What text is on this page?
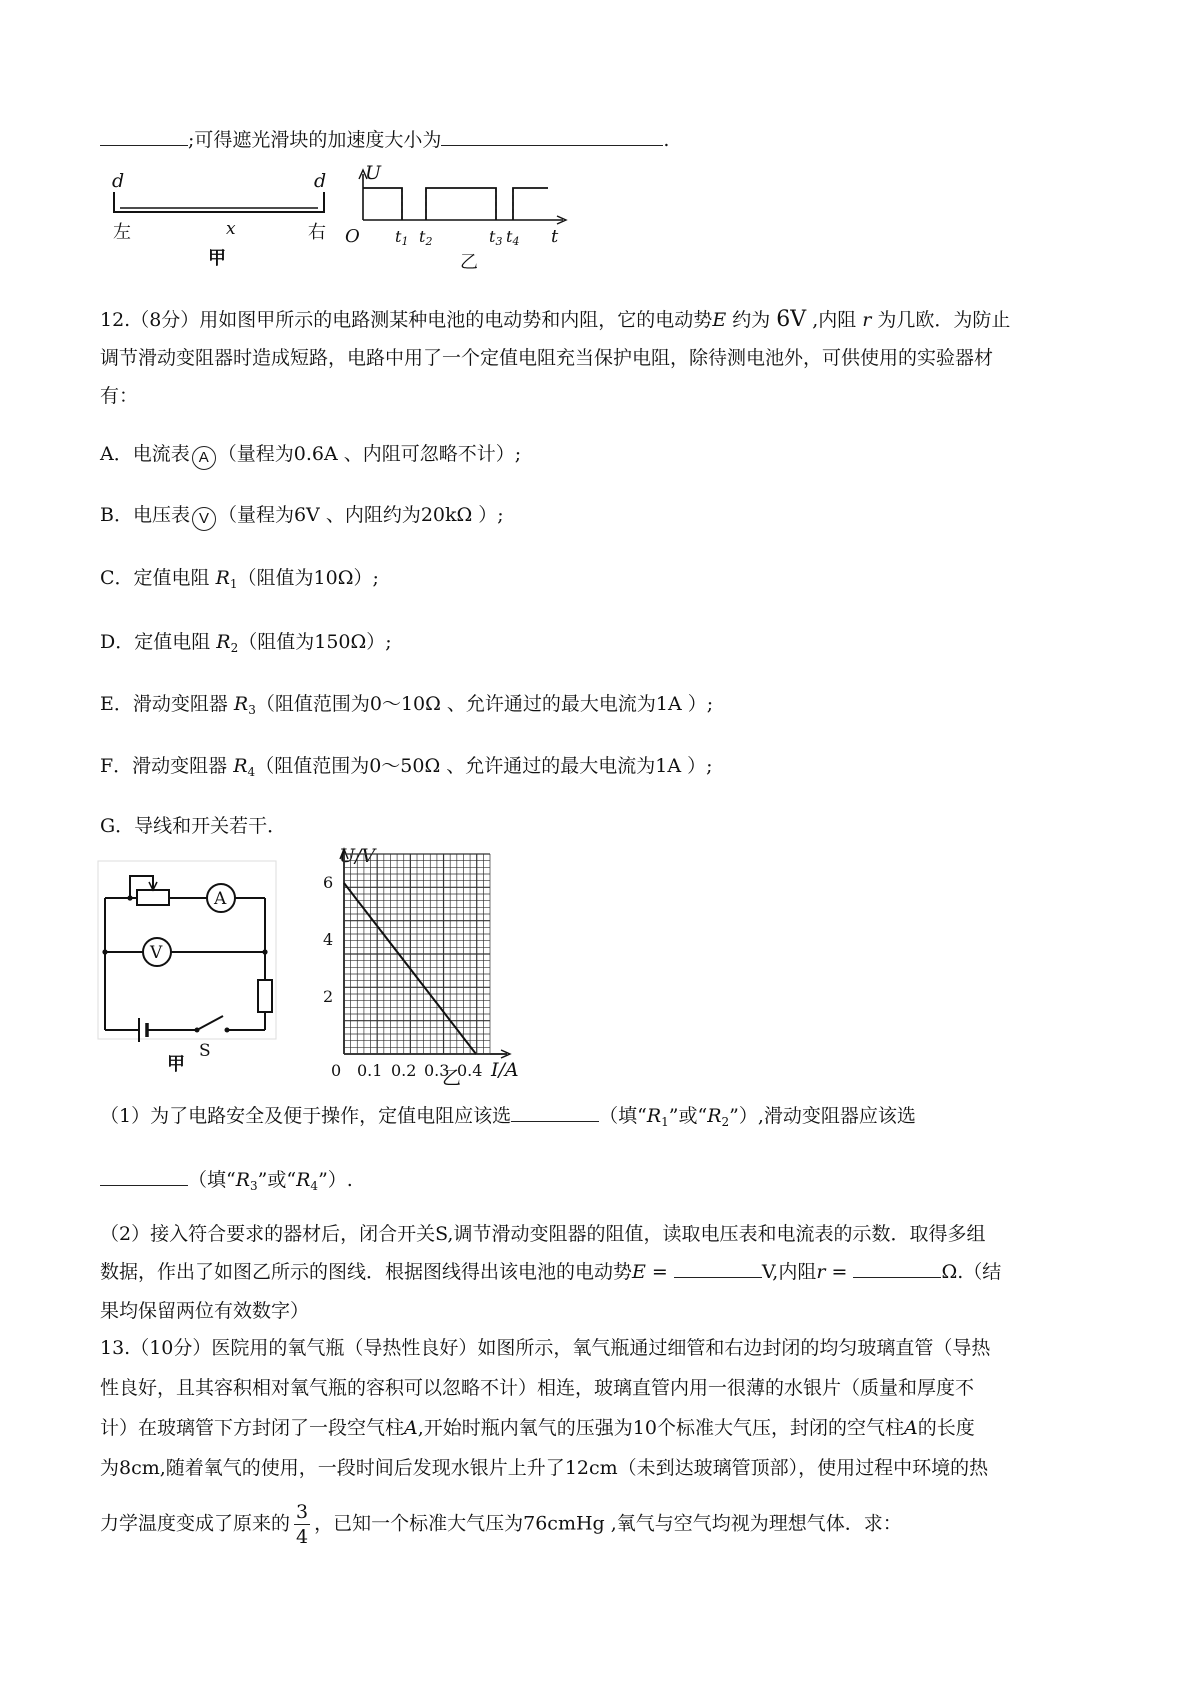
;可得遮光滑块的加速度大小为	.
d	d
左	x	右
甲
U
O t1 t2	t3 t4 t
乙
12.（8分）用如图甲所示的电路测某种电池的电动势和内阻，它的电动势E 约为 6V ,内阻 r 为几欧．为防止
调节滑动变阻器时造成短路，电路中用了一个定值电阻充当保护电阻，除待测电池外，可供使用的实验器材
有：
A．电流表 A （量程为0.6A 、内阻可忽略不计）;
B．电压表 V （量程为6V 、内阻约为20kΩ ）;
C．定值电阻 $R_1$（阻值为10Ω）;
D．定值电阻 $R_2$（阻值为150Ω）;
E．滑动变阻器 $R_3$（阻值范围为0～10Ω 、允许通过的最大电流为1A ）;
F．滑动变阻器 $R_4$（阻值范围为0～50Ω 、允许通过的最大电流为1A ）;
G．导线和开关若干．
A
V
S
甲
U/V
6
4
2
0 0.1 0.2 0.3 0.4 I/A
乙
（1）为了电路安全及便于操作，定值电阻应该选	（填“$R_1$”或“$R_2$”）,滑动变阻器应该选
（填“$R_3$”或“$R_4$”）.
（2）接入符合要求的器材后，闭合开关S,调节滑动变阻器的阻值，读取电压表和电流表的示数．取得多组
数据，作出了如图乙所示的图线．根据图线得出该电池的电动势E =	V,内阻r =	Ω.（结
果均保留两位有效数字）
13.（10分）医院用的氧气瓶（导热性良好）如图所示，氧气瓶通过细管和右边封闭的均匀玻璃直管（导热
性良好，且其容积相对氧气瓶的容积可以忽略不计）相连，玻璃直管内用一很薄的水银片（质量和厚度不
计）在玻璃管下方封闭了一段空气柱A,开始时瓶内氧气的压强为10个标准大气压，封闭的空气柱A的长度
为8cm,随着氧气的使用，一段时间后发现水银片上升了12cm（未到达玻璃管顶部），使用过程中环境的热
力学温度变成了原来的 $\frac{3}{4}$ ，已知一个标准大气压为76cmHg ,氧气与空气均视为理想气体．求：
